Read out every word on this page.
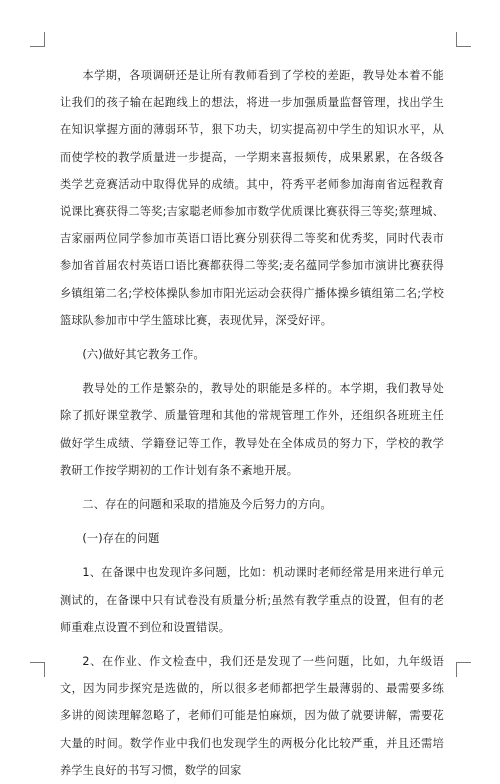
本学期，各项调研还是让所有教师看到了学校的差距，教导处本着不能让我们的孩子输在起跑线上的想法，将进一步加强质量监督管理，找出学生在知识掌握方面的薄弱环节，狠下功夫，切实提高初中学生的知识水平，从而使学校的教学质量进一步提高，一学期来喜报频传，成果累累，在各级各类学艺竞赛活动中取得优异的成绩。其中，符秀平老师参加海南省远程教育说课比赛获得二等奖;吉家聪老师参加市数学优质课比赛获得三等奖;蔡理城、吉家丽两位同学参加市英语口语比赛分别获得二等奖和优秀奖，同时代表市参加省首届农村英语口语比赛都获得二等奖;麦名蕴同学参加市演讲比赛获得乡镇组第二名;学校体操队参加市阳光运动会获得广播体操乡镇组第二名;学校篮球队参加市中学生篮球比赛，表现优异，深受好评。

(六)做好其它教务工作。

教导处的工作是繁杂的，教导处的职能是多样的。本学期，我们教导处除了抓好课堂教学、质量管理和其他的常规管理工作外，还组织各班班主任做好学生成绩、学籍登记等工作，教导处在全体成员的努力下，学校的教学教研工作按学期初的工作计划有条不紊地开展。

二、存在的问题和采取的措施及今后努力的方向。

(一)存在的问题

1、在备课中也发现许多问题，比如：机动课时老师经常是用来进行单元测试的，在备课中只有试卷没有质量分析;虽然有教学重点的设置，但有的老师重难点设置不到位和设置错误。

2、在作业、作文检查中，我们还是发现了一些问题，比如，九年级语文，因为同步探究是选做的，所以很多老师都把学生最薄弱的、最需要多练多讲的阅读理解忽略了，老师们可能是怕麻烦，因为做了就要讲解，需要花大量的时间。数学作业中我们也发现学生的两极分化比较严重，并且还需培养学生良好的书写习惯，数学的回家
